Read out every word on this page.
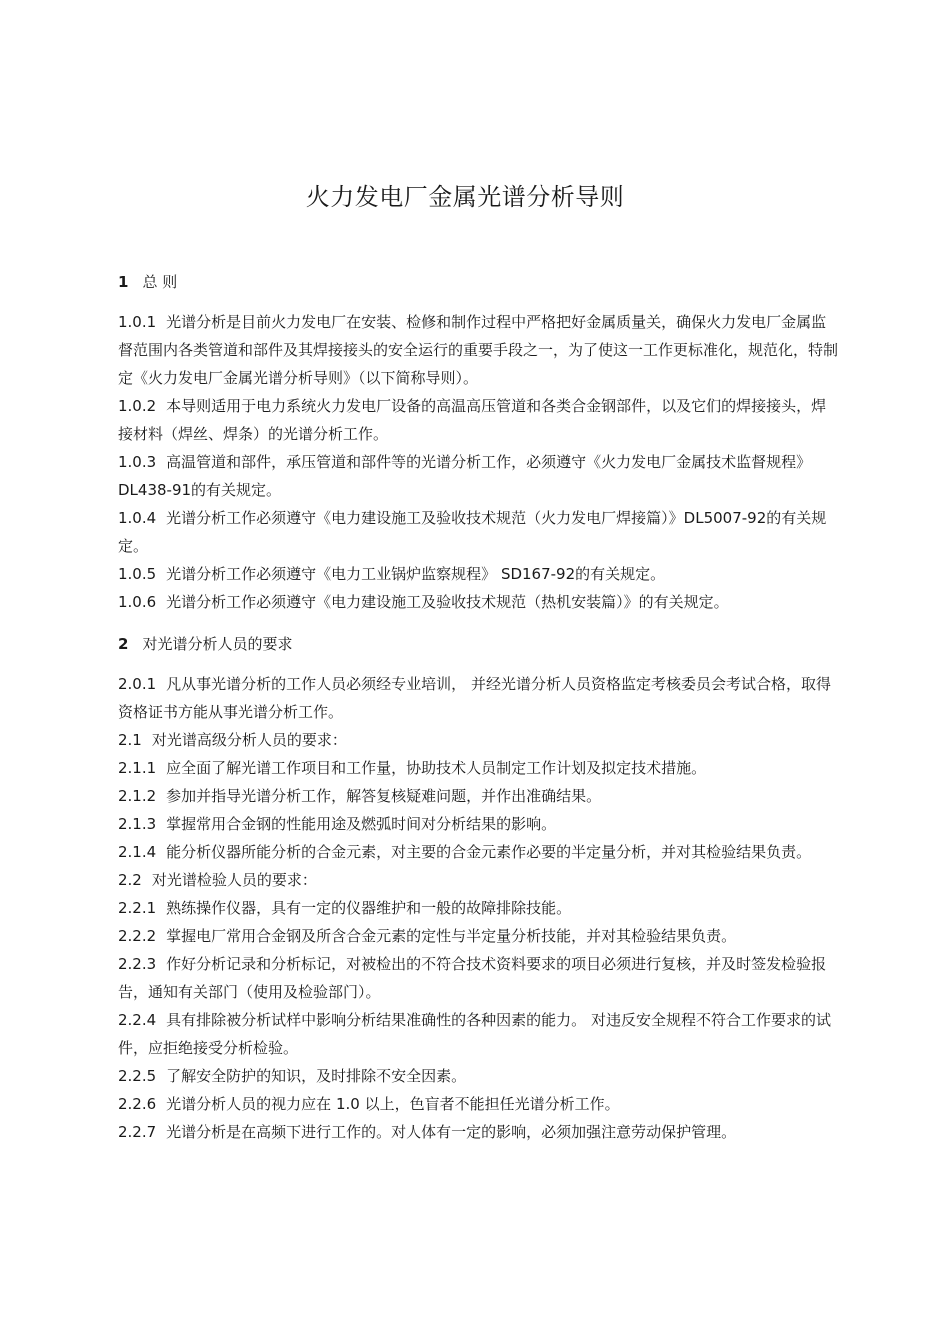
火力发电厂金属光谱分析导则

1 总 则

1.0.1 光谱分析是目前火力发电厂在安装、检修和制作过程中严格把好金属质量关，确保火力发电厂金属监督范围内各类管道和部件及其焊接接头的安全运行的重要手段之一，为了使这一工作更标准化，规范化，特制定《火力发电厂金属光谱分析导则》（以下简称导则）。

1.0.2 本导则适用于电力系统火力发电厂设备的高温高压管道和各类合金钢部件，以及它们的焊接接头，焊接材料（焊丝、焊条）的光谱分析工作。

1.0.3 高温管道和部件，承压管道和部件等的光谱分析工作，必须遵守《火力发电厂金属技术监督规程》DL438-91的有关规定。

1.0.4 光谱分析工作必须遵守《电力建设施工及验收技术规范（火力发电厂焊接篇）》DL5007-92的有关规定。

1.0.5 光谱分析工作必须遵守《电力工业锅炉监察规程》 SD167-92的有关规定。

1.0.6 光谱分析工作必须遵守《电力建设施工及验收技术规范（热机安装篇）》的有关规定。

2 对光谱分析人员的要求

2.0.1 凡从事光谱分析的工作人员必须经专业培训， 并经光谱分析人员资格监定考核委员会考试合格，取得资格证书方能从事光谱分析工作。

2.1 对光谱高级分析人员的要求：

2.1.1 应全面了解光谱工作项目和工作量，协助技术人员制定工作计划及拟定技术措施。

2.1.2 参加并指导光谱分析工作，解答复核疑难问题，并作出准确结果。

2.1.3 掌握常用合金钢的性能用途及燃弧时间对分析结果的影响。

2.1.4 能分析仪器所能分析的合金元素，对主要的合金元素作必要的半定量分析，并对其检验结果负责。

2.2 对光谱检验人员的要求：

2.2.1 熟练操作仪器，具有一定的仪器维护和一般的故障排除技能。

2.2.2 掌握电厂常用合金钢及所含合金元素的定性与半定量分析技能，并对其检验结果负责。

2.2.3 作好分析记录和分析标记，对被检出的不符合技术资料要求的项目必须进行复核，并及时签发检验报告，通知有关部门（使用及检验部门）。

2.2.4 具有排除被分析试样中影响分析结果准确性的各种因素的能力。 对违反安全规程不符合工作要求的试件，应拒绝接受分析检验。

2.2.5 了解安全防护的知识，及时排除不安全因素。

2.2.6 光谱分析人员的视力应在 1.0 以上，色盲者不能担任光谱分析工作。

2.2.7 光谱分析是在高频下进行工作的。对人体有一定的影响，必须加强注意劳动保护管理。
